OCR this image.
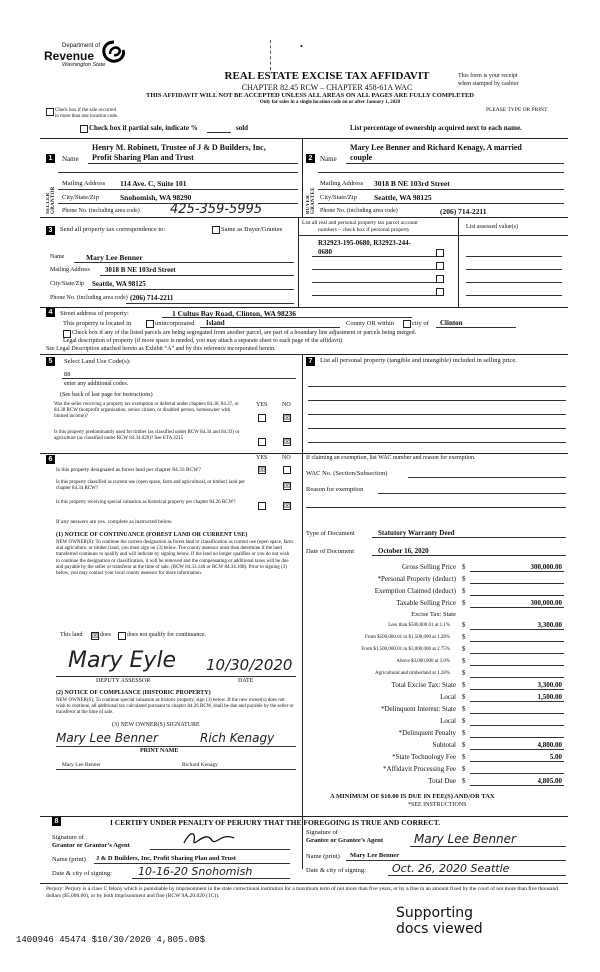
Department of
Revenue
Washington State
REAL ESTATE EXCISE TAX AFFIDAVIT
CHAPTER 82.45 RCW – CHAPTER 458-61A WAC
THIS AFFIDAVIT WILL NOT BE ACCEPTED UNLESS ALL AREAS ON ALL PAGES ARE FULLY COMPLETED
Only for sales in a single location code on or after January 1, 2020
This form is your receipt
when stamped by cashier
PLEASE TYPE OR PRINT
Check box if the sale occurred
in more than one location code.
Check box if partial sale, indicate %	sold	List percentage of ownership acquired next to each name.
1
SELLER GRANTOR
Henry M. Robinett, Trustee of J & D Builders, Inc,
Name Profit Sharing Plan and Trust
Mailing Address 114 Ave. C, Suite 101
City/State/Zip	Snohomish, WA 98290
Phone No. (including area code) 425-359-5995
2
BUYER GRANTEE
Mary Lee Benner and Richard Kenagy, A married
Name couple
Mailing Address 3018 B NE 103rd Street
City/State/Zip Seattle, WA 98125
Phone No. (including area code)	(206) 714-2211
3	Send all property tax correspondence to:	Same as Buyer/Grantee
Name	Mary Lee Benner
Mailing Address 3018 B NE 103rd Street
City/State/Zip Seattle, WA 98125
Phone No. (including area code) (206) 714-2211
List all real and personal property tax parcel account
numbers – check box if personal property	List assessed value(s)
R32923-195-0680, R32923-244-
0680
4	Street address of property:	1 Cultus Bay Road, Clinton, WA 98236
This property is located in	unincorporated Island	County OR within	city of Clinton
Check box if any of the listed parcels are being segregated from another parcel, are part of a boundary line adjustment or parcels being merged.
Legal description of property (if more space is needed, you may attach a separate sheet to each page of the affidavit)
See Legal Description attached hereto as Exhibit “A” and by this reference incorporated herein.
5	Select Land Use Code(s):
88
enter any additional codes.
(See back of last page for instructions)
YES NO
Was the seller receiving a property tax exemption or deferral under chapters 84.36, 84.37, or 84.38 RCW (nonprofit organization, senior citizen, or disabled person, homeowner with limited income)?	☒
Is this property predominantly used for timber (as classified under RCW 84.34 and 84.33) or agriculture (as classified under RCW 84.34.020)? See ETA 3215	☒
7	List all personal property (tangible and intangible) included in selling price.
6	YES NO
Is this property designated as forest land per chapter 84.33 RCW?	☒
Is this property classified as current use (open space, farm and agricultural, or timber) land per chapter 84.34 RCW?	☒
Is this property receiving special valuation as historical property per chapter 84.26 RCW?	☒
If any answers are yes, complete as instructed below.
(1) NOTICE OF CONTINUANCE (FOREST LAND OR CURRENT USE)
NEW OWNER(S): To continue the current designation as forest land or classification as current use (open space, farm and agriculture, or timber) land, you must sign on (3) below. The county assessor must then determine if the land transferred continues to qualify and will indicate by signing below. If the land no longer qualifies or you do not wish to continue the designation or classification, it will be removed and the compensating or additional taxes will be due and payable by the seller or transferor at the time of sale. (RCW 84.33.140 or RCW 84.34.108). Prior to signing (3) below, you may contact your local county assessor for more information.
This land ☒ does	does not qualify for continuance.
Mary Eyle 10/30/2020
DEPUTY ASSESSOR	DATE
(2) NOTICE OF COMPLIANCE (HISTORIC PROPERTY)
NEW OWNER(S): To continue special valuation as historic property, sign (3) below. If the new owner(s) does not wish to continue, all additional tax calculated pursuant to chapter 84.26 RCW, shall be due and payable by the seller or transferor at the time of sale.
(3) NEW OWNER(S) SIGNATURE
Mary Lee Benner	Rich Kenagy
PRINT NAME
Mary Lee Benner	Richard Kenagy
If claiming an exemption, list WAC number and reason for exemption.
WAC No. (Section/Subsection)
Reason for exemption
Type of Document	Statutory Warranty Deed
Date of Document	October 16, 2020
Gross Selling Price $	300,000.00
*Personal Property (deduct) $
Exemption Claimed (deduct) $
Taxable Selling Price $	300,000.00
Excise Tax: State
Less than $500,000.01 at 1.1% $	3,300.00
From $500,000.01 to $1,500,000 at 1.28% $
From $1,500,000.01 to $3,000,000 at 2.75% $
Above $3,000,000 at 3.0% $
Agricultural and timberland at 1.28% $
Total Excise Tax: State $	3,300.00
Local $	1,500.00
*Delinquent Interest: State $
Local $
*Delinquent Penalty $
Subtotal $	4,800.00
*State Technology Fee $	5.00
*Affidavit Processing Fee $
Total Due $	4,805.00
A MINIMUM OF $10.00 IS DUE IN FEE(S) AND/OR TAX
*SEE INSTRUCTIONS
8	I CERTIFY UNDER PENALTY OF PERJURY THAT THE FOREGOING IS TRUE AND CORRECT.
Signature of
Grantor or Grantor’s Agent
Name (print) J & D Builders, Inc, Profit Sharing Plan and Trust
Date & city of signing: 10-16-20 Snohomish
Signature of
Grantee or Grantee’s Agent	Mary Lee Benner
Name (print) Mary Lee Benner
Date & city of signing: Oct. 26, 2020 Seattle
Perjury: Perjury is a class C felony which is punishable by imprisonment in the state correctional institution for a maximum term of not more than five years, or by a fine in an amount fixed by the court of not more than five thousand dollars ($5,000.00), or by both imprisonment and fine (RCW 9A.20.020 (1C)).
Supporting
docs viewed
1400946 45474 $10/30/2020 4,805.00$
•
